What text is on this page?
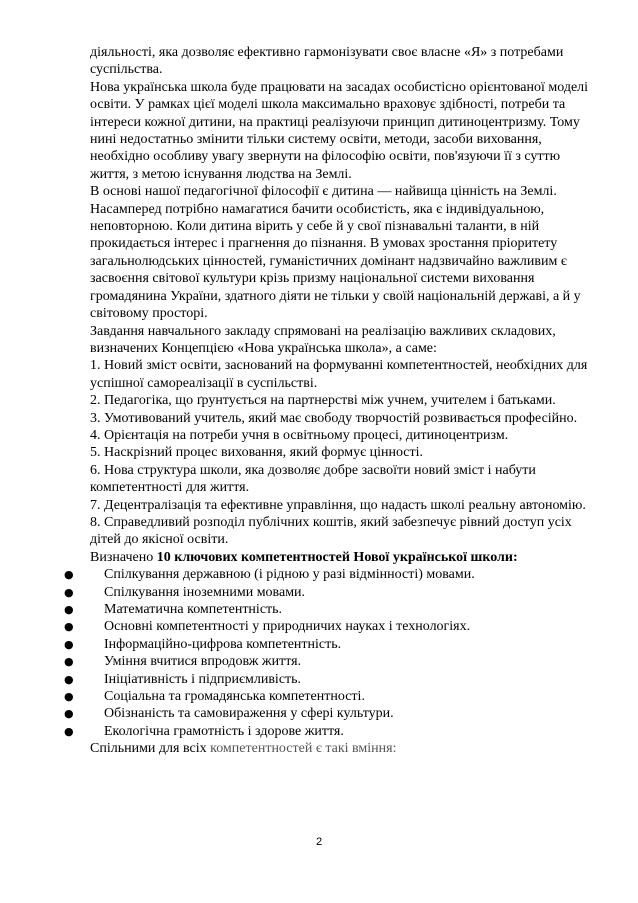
діяльності, яка дозволяє ефективно гармонізувати своє власне «Я» з потребами суспільства.

Нова українська школа буде працювати на засадах особистісно орієнтованої моделі освіти. У рамках цієї моделі школа максимально враховує здібності, потреби та інтереси кожної дитини, на практиці реалізуючи принцип дитиноцентризму. Тому нині недостатньо змінити тільки систему освіти, методи, засоби виховання, необхідно особливу увагу звернути на філософію освіти, пов'язуючи її з суттю життя, з метою існування людства на Землі.

В основі нашої педагогічної філософії є дитина — найвища цінність на Землі. Насамперед потрібно намагатися бачити особистість, яка є індивідуальною, неповторною. Коли дитина вірить у себе й у свої пізнавальні таланти, в ній прокидається інтерес і прагнення до пізнання. В умовах зростання пріоритету загальнолюдських цінностей, гуманістичних домінант надзвичайно важливим є засвоєння світової культури крізь призму національної системи виховання громадянина України, здатного діяти не тільки у своїй національній державі, а й у світовому просторі.

Завдання навчального закладу спрямовані на реалізацію важливих складових, визначених Концепцією «Нова українська школа», а саме:

1. Новий зміст освіти, заснований на формуванні компетентностей, необхідних для успішної самореалізації в суспільстві.

2. Педагогіка, що ґрунтується на партнерстві між учнем, учителем і батьками.

3. Умотивований учитель, який має свободу творчостій розвивається професійно.

4. Орієнтація на потреби учня в освітньому процесі, дитиноцентризм.

5. Наскрізний процес виховання, який формує цінності.

6. Нова структура школи, яка дозволяє добре засвоїти новий зміст і набути компетентності для життя.

7. Децентралізація та ефективне управління, що надасть школі реальну автономію.

8. Справедливий розподіл публічних коштів, який забезпечує рівний доступ усіх дітей до якісної освіти.

Визначено 10 ключових компетентностей Нової української школи:

● Спілкування державною (і рідною у разі відмінності) мовами.
● Спілкування іноземними мовами.
● Математична компетентність.
● Основні компетентності у природничих науках і технологіях.
● Інформаційно-цифрова компетентність.
● Уміння вчитися впродовж життя.
● Ініціативність і підприємливість.
● Соціальна та громадянська компетентності.
● Обізнаність та самовираження у сфері культури.
● Екологічна грамотність і здорове життя.

Спільними для всіх компетентностей є такі вміння:

2
